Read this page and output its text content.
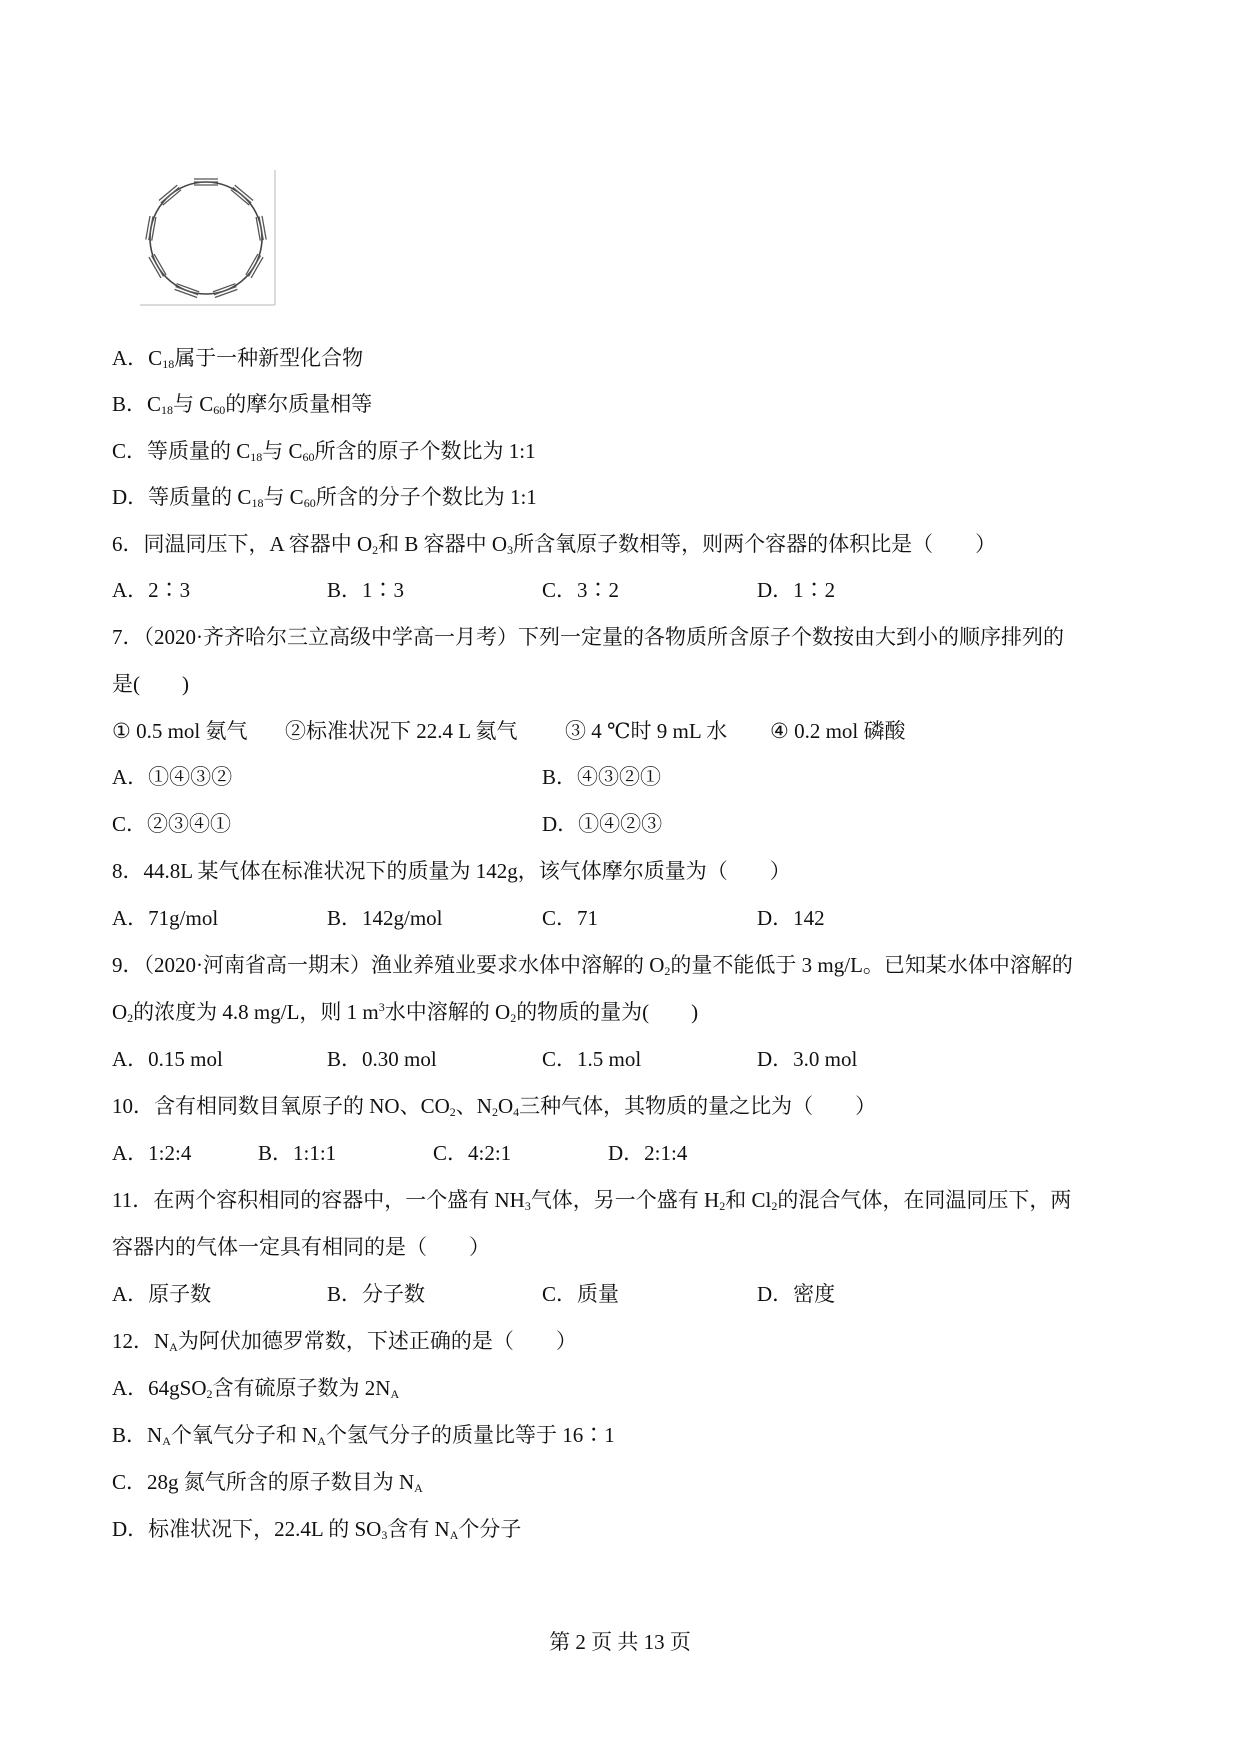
A．$C_{18}$属于一种新型化合物
B．$C_{18}$与 $C_{60}$的摩尔质量相等
C．等质量的 $C_{18}$与 $C_{60}$所含的原子个数比为 1:1
D．等质量的 $C_{18}$与 $C_{60}$所含的分子个数比为 1:1
6．同温同压下，A 容器中 $O_2$和 B 容器中 $O_3$所含氧原子数相等，则两个容器的体积比是（　　）
A．2∶3	B．1∶3	C．3∶2	D．1∶2
7．（2020·齐齐哈尔三立高级中学高一月考）下列一定量的各物质所含原子个数按由大到小的顺序排列的
是(　　)
① 0.5 mol 氨气 ②标准状况下 22.4 L 氦气 ③ 4 ℃时 9 mL 水 ④ 0.2 mol 磷酸
A．①④③②	B．④③②①
C．②③④①	D．①④②③
8．44.8L 某气体在标准状况下的质量为 142g，该气体摩尔质量为（　　）
A．71g/mol	B．142g/mol	C．71	D．142
9．（2020·河南省高一期末）渔业养殖业要求水体中溶解的 $O_2$的量不能低于 3 mg/L。已知某水体中溶解的
$O_2$的浓度为 4.8 mg/L，则 1 $m^3$水中溶解的 $O_2$的物质的量为(　　)
A．0.15 mol	B．0.30 mol	C．1.5 mol	D．3.0 mol
10．含有相同数目氧原子的 NO、$CO_2$、$N_2O_4$三种气体，其物质的量之比为（　　）
A．1:2:4	B．1:1:1	C．4:2:1	D．2:1:4
11．在两个容积相同的容器中，一个盛有 $NH_3$气体，另一个盛有 $H_2$和 $Cl_2$的混合气体，在同温同压下，两
容器内的气体一定具有相同的是（　　）
A．原子数	B．分子数	C．质量	D．密度
12．$N_A$为阿伏加德罗常数，下述正确的是（　　）
A．64gSO$_2$含有硫原子数为 $2N_A$
B．$N_A$个氧气分子和 $N_A$个氢气分子的质量比等于 16∶1
C．28g 氮气所含的原子数目为 $N_A$
D．标准状况下，22.4L 的 $SO_3$含有 $N_A$个分子
第 2 页 共 13 页
